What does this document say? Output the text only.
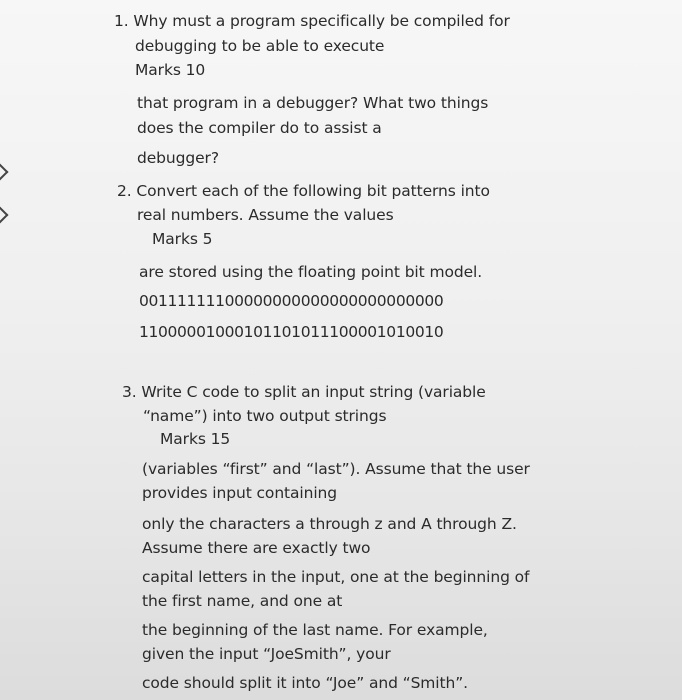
1. Why must a program specifically be compiled for
debugging to be able to execute
Marks 10
that program in a debugger? What two things
does the compiler do to assist a
debugger?
2. Convert each of the following bit patterns into
real numbers. Assume the values
Marks 5
are stored using the floating point bit model.
00111111100000000000000000000000
11000001000101101011100001010010
3. Write C code to split an input string (variable
“name”) into two output strings
Marks 15
(variables “first” and “last”). Assume that the user
provides input containing
only the characters a through z and A through Z.
Assume there are exactly two
capital letters in the input, one at the beginning of
the first name, and one at
the beginning of the last name. For example,
given the input “JoeSmith”, your
code should split it into “Joe” and “Smith”.
